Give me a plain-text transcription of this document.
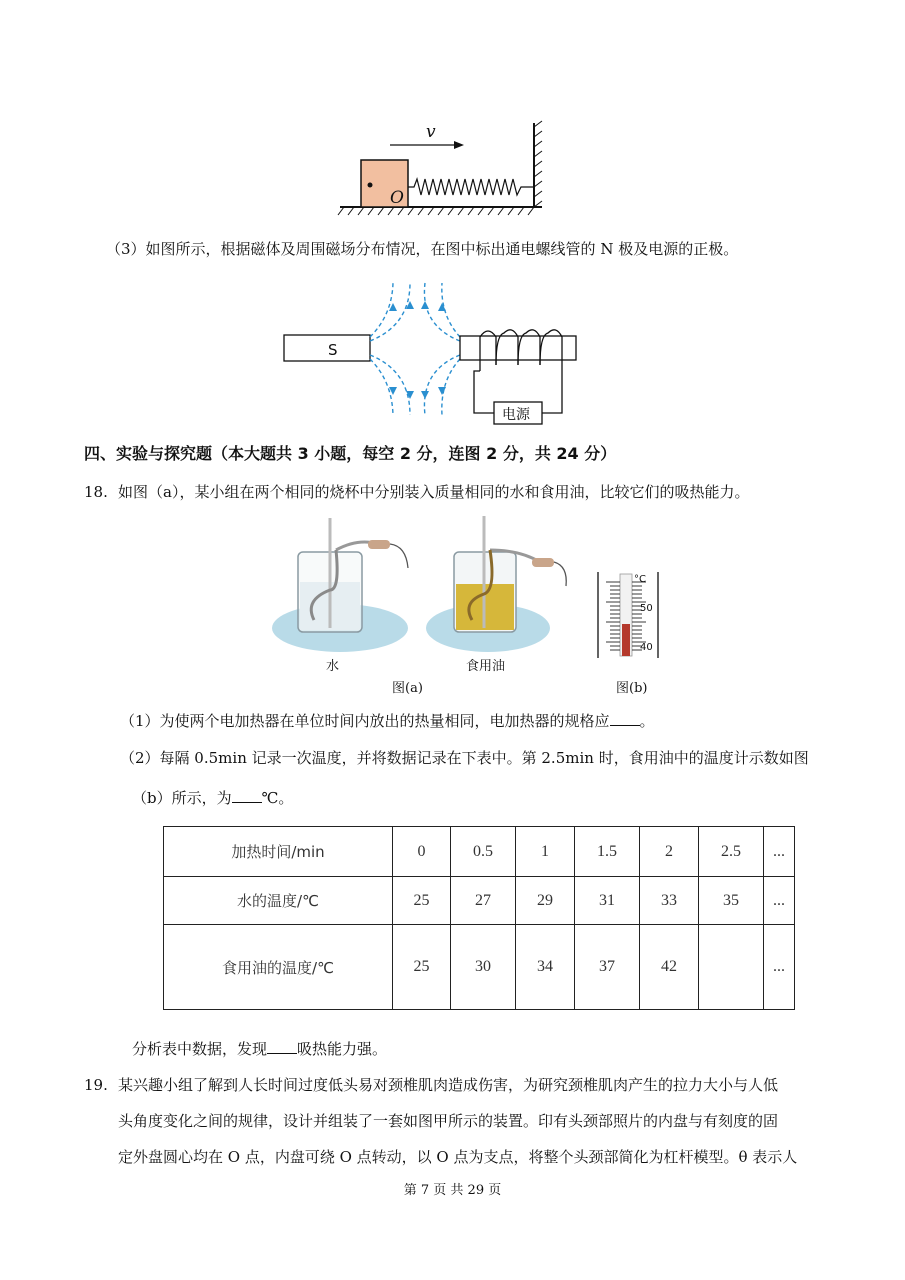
O
v
（3）如图所示，根据磁体及周围磁场分布情况，在图中标出通电螺线管的 N 极及电源的正极。
S
电源
四、实验与探究题（本大题共 3 小题，每空 2 分，连图 2 分，共 24 分）
18. 如图（a），某小组在两个相同的烧杯中分别装入质量相同的水和食用油，比较它们的吸热能力。
水	食用油
图(a)
°C
50
40
图(b)
（1）为使两个电加热器在单位时间内放出的热量相同，电加热器的规格应 。
（2）每隔 0.5min 记录一次温度，并将数据记录在下表中。第 2.5min 时，食用油中的温度计示数如图
（b）所示，为 ℃。
加热时间/min	0	0.5	1	1.5	2	2.5	...
水的温度/℃	25	27	29	31	33	35	...
食用油的温度/℃	25	30	34	37	42		...
分析表中数据，发现 吸热能力强。
19. 某兴趣小组了解到人长时间过度低头易对颈椎肌肉造成伤害，为研究颈椎肌肉产生的拉力大小与人低
头角度变化之间的规律，设计并组装了一套如图甲所示的装置。印有头颈部照片的内盘与有刻度的固
定外盘圆心均在 O 点，内盘可绕 O 点转动，以 O 点为支点，将整个头颈部简化为杠杆模型。θ 表示人
第 7 页 共 29 页
